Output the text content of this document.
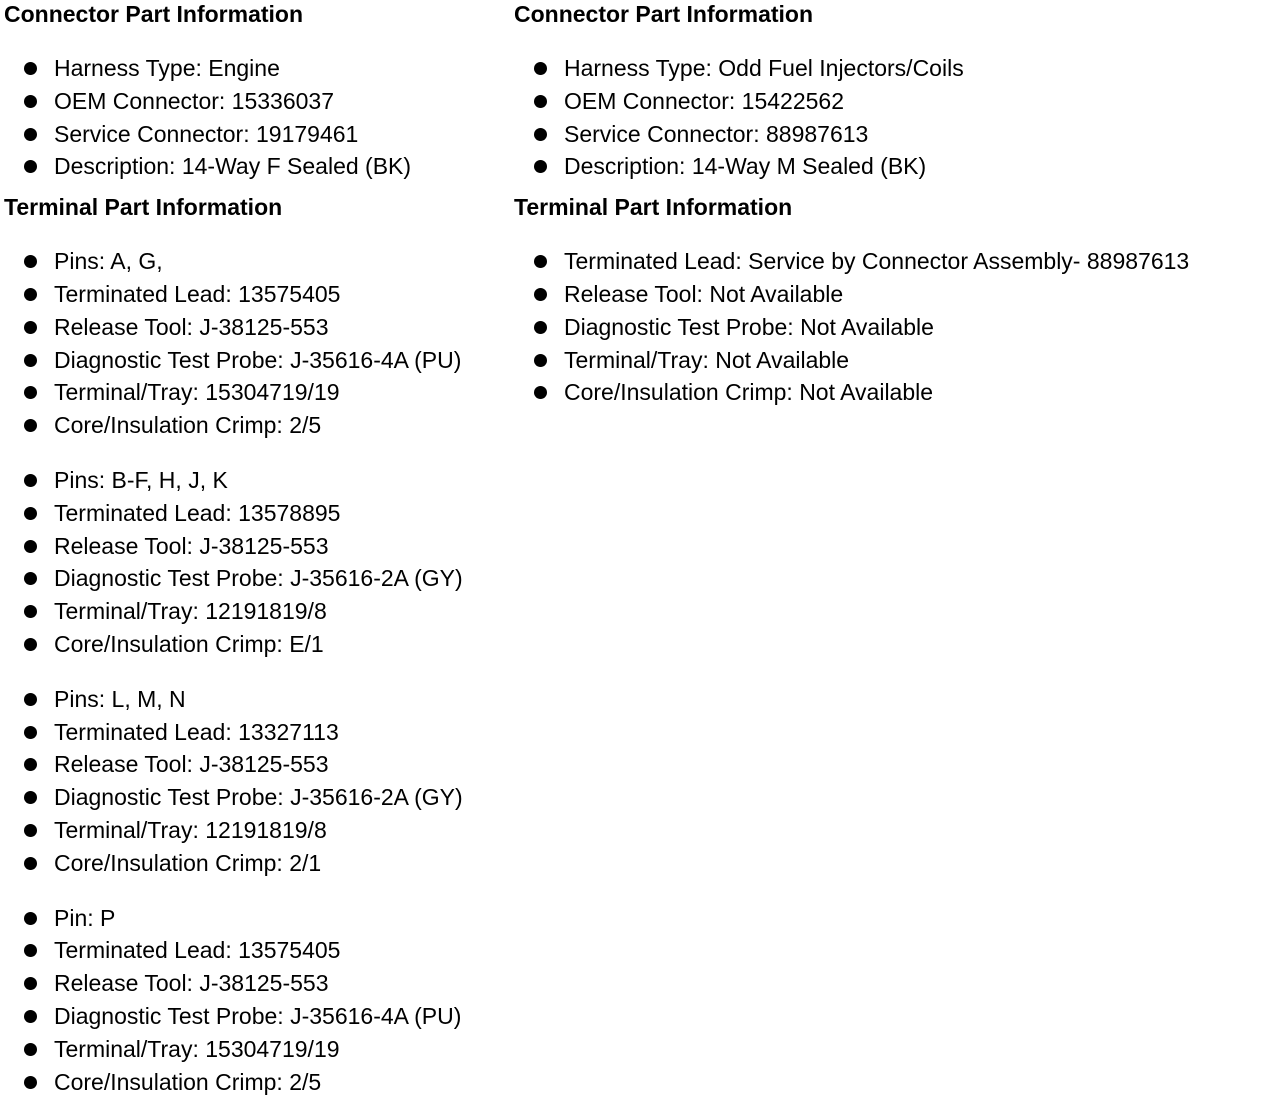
Connector Part Information
Harness Type: Engine
OEM Connector: 15336037
Service Connector: 19179461
Description: 14-Way F Sealed (BK)
Terminal Part Information
Pins: A, G,
Terminated Lead: 13575405
Release Tool: J-38125-553
Diagnostic Test Probe: J-35616-4A (PU)
Terminal/Tray: 15304719/19
Core/Insulation Crimp: 2/5
Pins: B-F, H, J, K
Terminated Lead: 13578895
Release Tool: J-38125-553
Diagnostic Test Probe: J-35616-2A (GY)
Terminal/Tray: 12191819/8
Core/Insulation Crimp: E/1
Pins: L, M, N
Terminated Lead: 13327113
Release Tool: J-38125-553
Diagnostic Test Probe: J-35616-2A (GY)
Terminal/Tray: 12191819/8
Core/Insulation Crimp: 2/1
Pin: P
Terminated Lead: 13575405
Release Tool: J-38125-553
Diagnostic Test Probe: J-35616-4A (PU)
Terminal/Tray: 15304719/19
Core/Insulation Crimp: 2/5
Connector Part Information
Harness Type: Odd Fuel Injectors/Coils
OEM Connector: 15422562
Service Connector: 88987613
Description: 14-Way M Sealed (BK)
Terminal Part Information
Terminated Lead: Service by Connector Assembly- 88987613
Release Tool: Not Available
Diagnostic Test Probe: Not Available
Terminal/Tray: Not Available
Core/Insulation Crimp: Not Available
